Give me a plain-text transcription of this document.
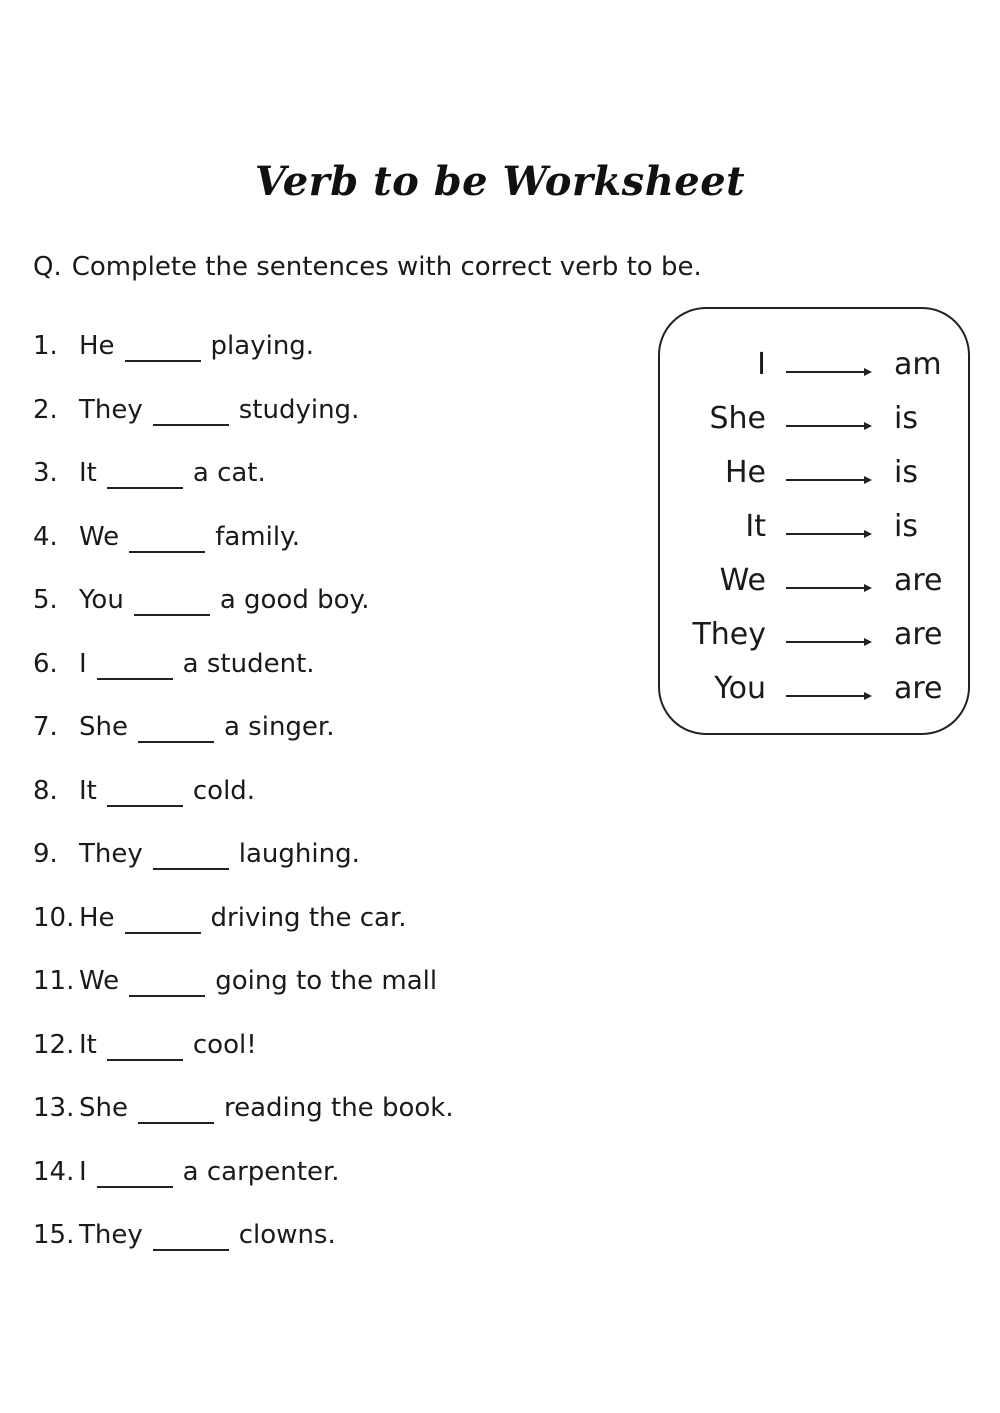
Verb to be Worksheet
Q. Complete the sentences with correct verb to be.
1. He	playing.
2. They	studying.
3. It	a cat.
4. We	family.
5. You	a good boy.
6. I	a student.
7. She	a singer.
8. It	cold.
9. They	laughing.
10. He	driving the car.
11. We	going to the mall
12. It	cool!
13. She	reading the book.
14. I	a carpenter.
15. They	clowns.
I	am
She	is
He	is
It	is
We	are
They	are
You	are
